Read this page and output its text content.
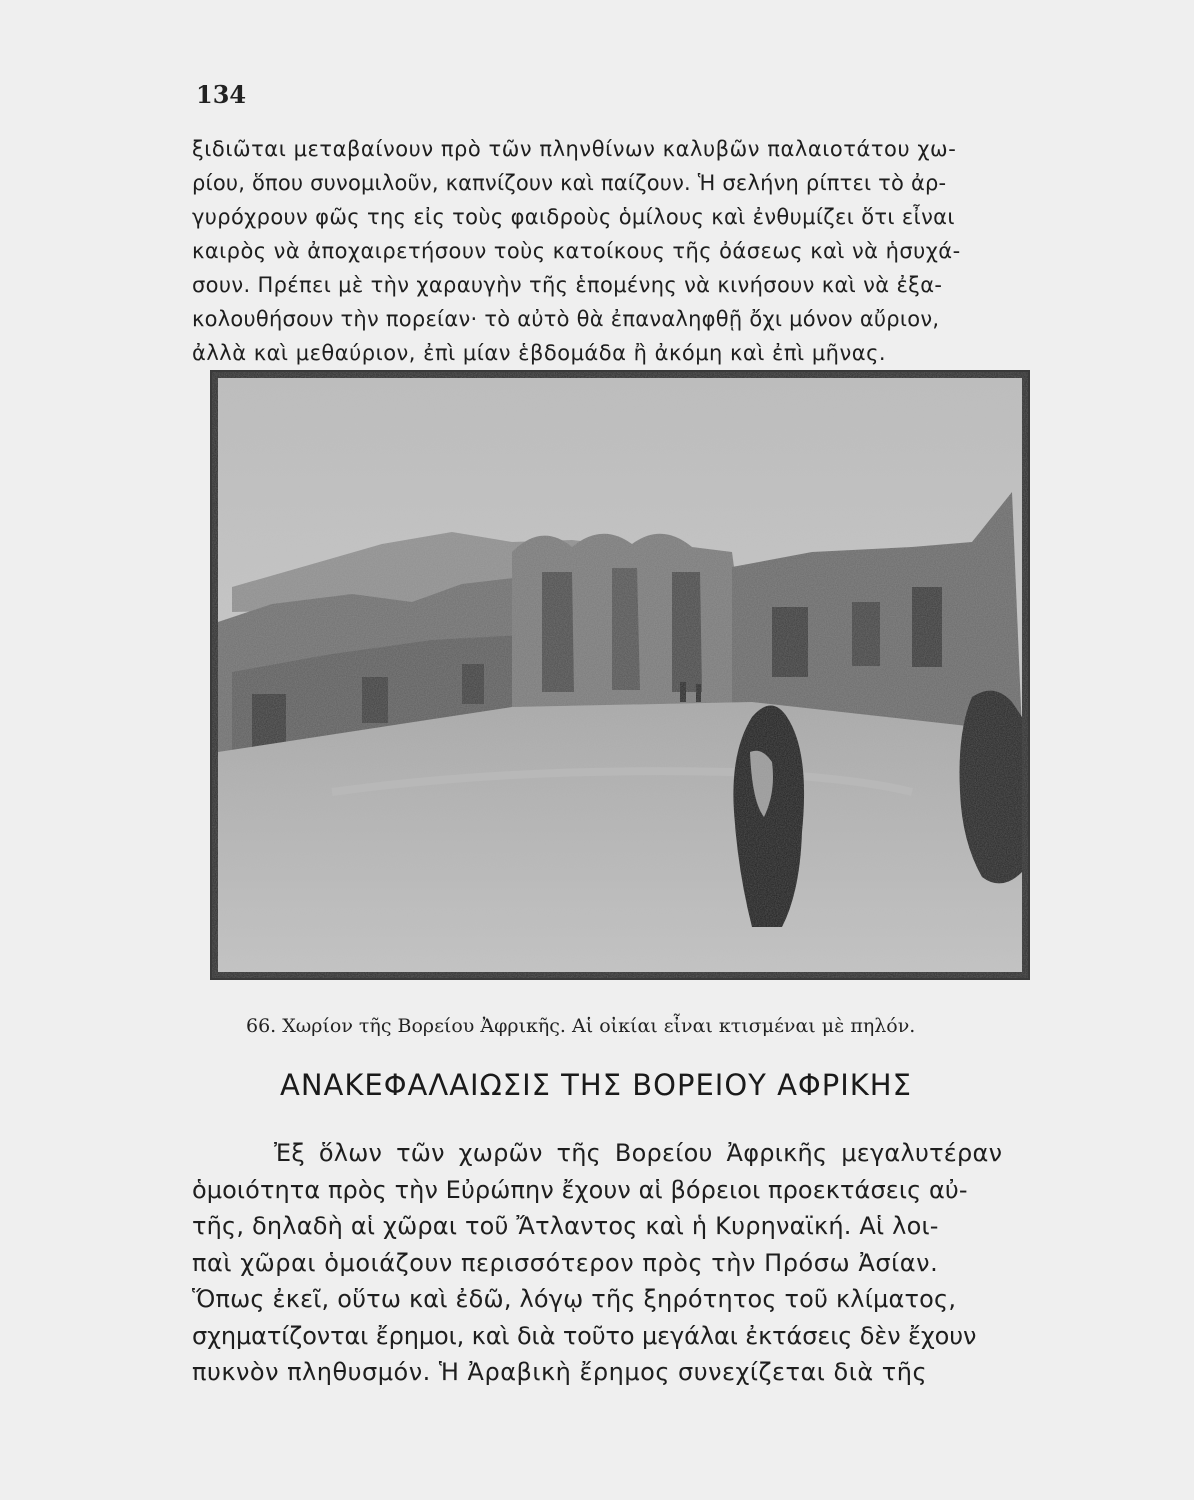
134
ξιδιῶται μεταβαίνουν πρὸ τῶν πληνθίνων καλυβῶν παλαιοτάτου χω-
ρίου, ὅπου συνομιλοῦν, καπνίζουν καὶ παίζουν. Ἡ σελήνη ρίπτει τὸ ἀρ-
γυρόχρουν φῶς της εἰς τοὺς φαιδροὺς ὁμίλους καὶ ἐνθυμίζει ὅτι εἶναι
καιρὸς νὰ ἀποχαιρετήσουν τοὺς κατοίκους τῆς ὀάσεως καὶ νὰ ἡσυχά-
σουν. Πρέπει μὲ τὴν χαραυγὴν τῆς ἑπομένης νὰ κινήσουν καὶ νὰ ἐξα-
κολουθήσουν τὴν πορείαν· τὸ αὐτὸ θὰ ἐπαναληφθῇ ὄχι μόνον αὔριον,
ἀλλὰ καὶ μεθαύριον, ἐπὶ μίαν ἑβδομάδα ἢ ἀκόμη καὶ ἐπὶ μῆνας.
66. Χωρίον τῆς Βορείου Ἀφρικῆς. Αἱ οἰκίαι εἶναι κτισμέναι μὲ πηλόν.
ΑΝΑΚΕΦΑΛΑΙΩΣΙΣ ΤΗΣ ΒΟΡΕΙΟΥ ΑΦΡΙΚΗΣ
Ἐξ ὅλων τῶν χωρῶν τῆς Βορείου Ἀφρικῆς μεγαλυτέραν
ὁμοιότητα πρὸς τὴν Εὐρώπην ἔχουν αἱ βόρειοι προεκτάσεις αὐ-
τῆς, δηλαδὴ αἱ χῶραι τοῦ Ἄτλαντος καὶ ἡ Κυρηναϊκή. Αἱ λοι-
παὶ χῶραι ὁμοιάζουν περισσότερον πρὸς τὴν Πρόσω Ἀσίαν.
Ὅπως ἐκεῖ, οὕτω καὶ ἐδῶ, λόγῳ τῆς ξηρότητος τοῦ κλίματος,
σχηματίζονται ἔρημοι, καὶ διὰ τοῦτο μεγάλαι ἐκτάσεις δὲν ἔχουν
πυκνὸν πληθυσμόν. Ἡ Ἀραβικὴ ἔρημος συνεχίζεται διὰ τῆς
